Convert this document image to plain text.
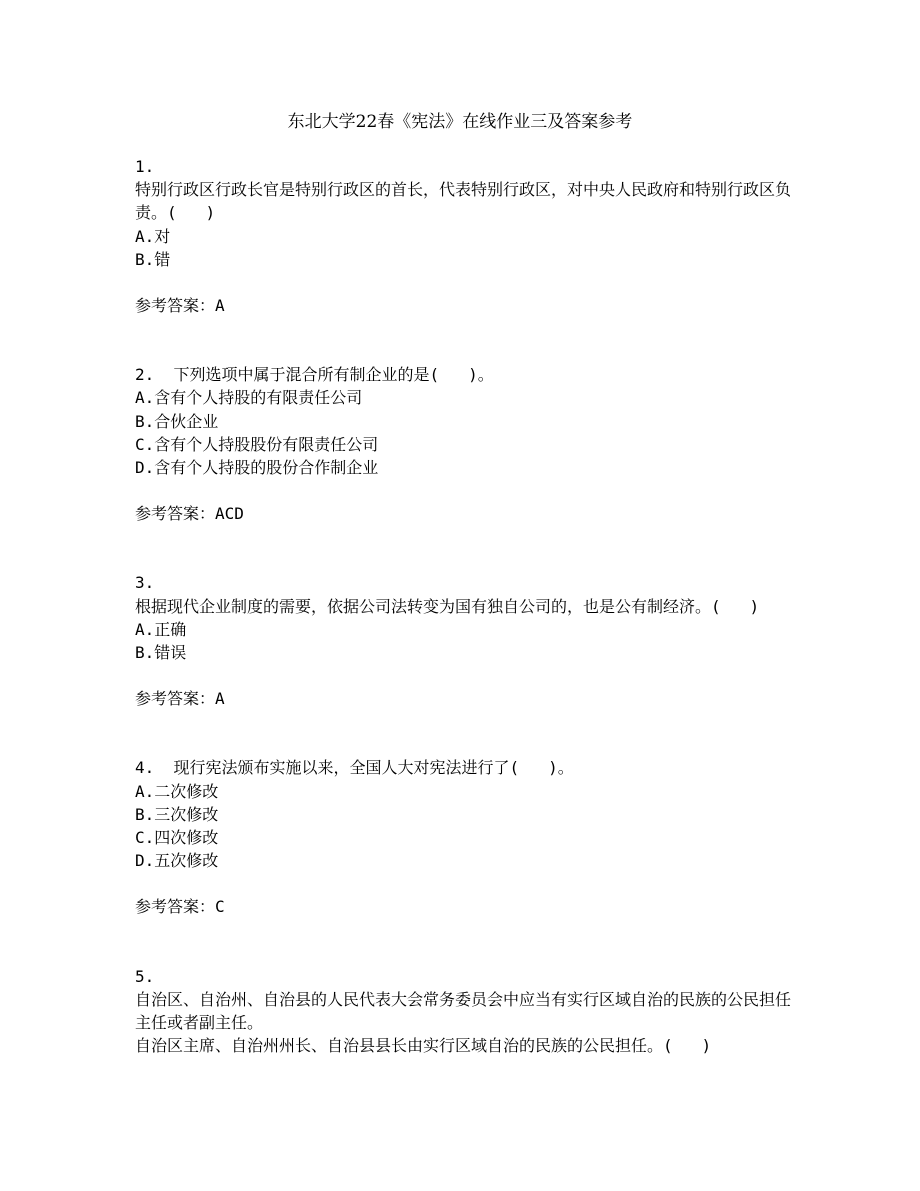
东北大学22春《宪法》在线作业三及答案参考
1.
特别行政区行政长官是特别行政区的首长，代表特别行政区，对中央人民政府和特别行政区负责。(   )
A.对
B.错
参考答案：A
2. 下列选项中属于混合所有制企业的是(   )。
A.含有个人持股的有限责任公司
B.合伙企业
C.含有个人持股股份有限责任公司
D.含有个人持股的股份合作制企业
参考答案：ACD
3.
根据现代企业制度的需要，依据公司法转变为国有独自公司的，也是公有制经济。(   )
A.正确
B.错误
参考答案：A
4. 现行宪法颁布实施以来，全国人大对宪法进行了(   )。
A.二次修改
B.三次修改
C.四次修改
D.五次修改
参考答案：C
5.
自治区、自治州、自治县的人民代表大会常务委员会中应当有实行区域自治的民族的公民担任主任或者副主任。
自治区主席、自治州州长、自治县县长由实行区域自治的民族的公民担任。(   )
